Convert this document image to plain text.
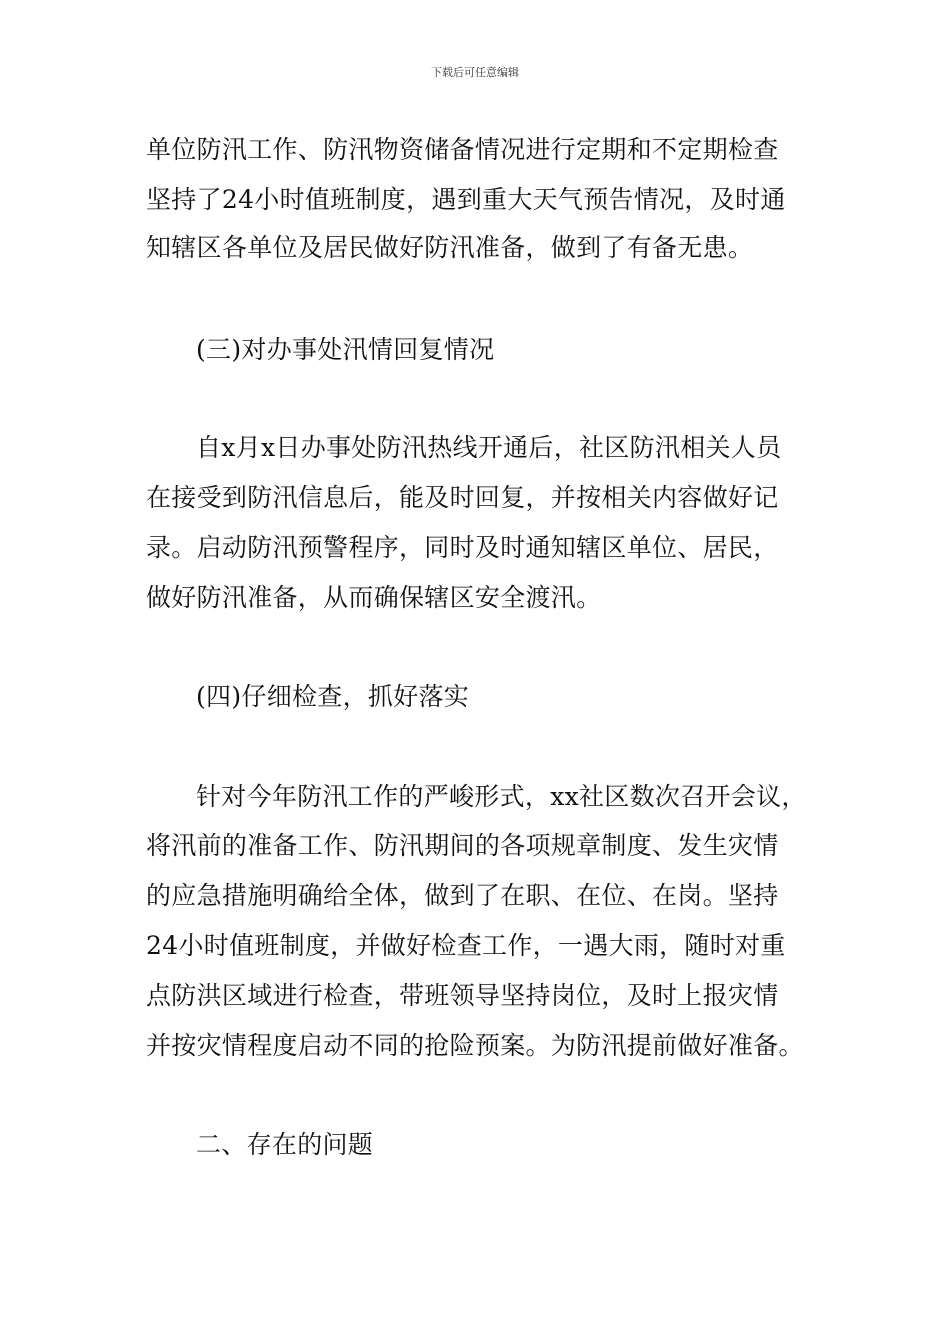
下载后可任意编辑
单位防汛工作、防汛物资储备情况进行定期和不定期检查
坚持了24小时值班制度，遇到重大天气预告情况，及时通
知辖区各单位及居民做好防汛准备，做到了有备无患。
(三)对办事处汛情回复情况
自x月x日办事处防汛热线开通后，社区防汛相关人员
在接受到防汛信息后，能及时回复，并按相关内容做好记
录。启动防汛预警程序，同时及时通知辖区单位、居民，
做好防汛准备，从而确保辖区安全渡汛。
(四)仔细检查，抓好落实
针对今年防汛工作的严峻形式，xx社区数次召开会议，
将汛前的准备工作、防汛期间的各项规章制度、发生灾情
的应急措施明确给全体，做到了在职、在位、在岗。坚持
24小时值班制度，并做好检查工作，一遇大雨，随时对重
点防洪区域进行检查，带班领导坚持岗位，及时上报灾情
并按灾情程度启动不同的抢险预案。为防汛提前做好准备。
二、存在的问题
